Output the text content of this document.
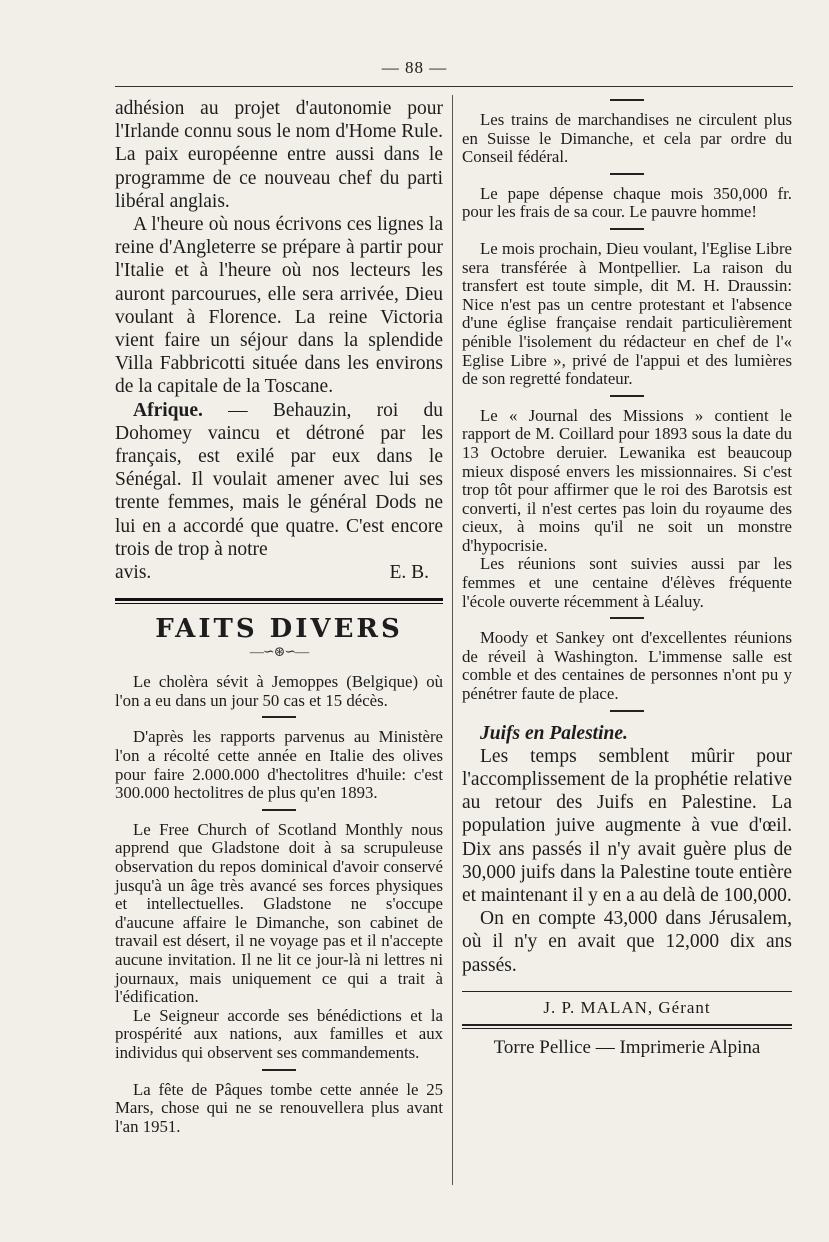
— 88 —

adhésion au projet d'autonomie pour l'Irlande connu sous le nom d'Home Rule. La paix européenne entre aussi dans le programme de ce nouveau chef du parti libéral anglais.

A l'heure où nous écrivons ces lignes la reine d'Angleterre se prépare à partir pour l'Italie et à l'heure où nos lecteurs les auront parcourues, elle sera arrivée, Dieu voulant à Florence. La reine Victoria vient faire un séjour dans la splendide Villa Fabbricotti située dans les environs de la capitale de la Toscane.

Afrique. — Behauzin, roi du Dohomey vaincu et détroné par les français, est exilé par eux dans le Sénégal. Il voulait amener avec lui ses trente femmes, mais le général Dods ne lui en a accordé que quatre. C'est encore trois de trop à notre

avis.	E. B.
FAITS DIVERS
—∽⊛∽—

Le cholèra sévit à Jemoppes (Belgique) où l'on a eu dans un jour 50 cas et 15 décès.

D'après les rapports parvenus au Ministère l'on a récolté cette année en Italie des olives pour faire 2.000.000 d'hectolitres d'huile: c'est 300.000 hectolitres de plus qu'en 1893.

Le Free Church of Scotland Monthly nous apprend que Gladstone doit à sa scrupuleuse observation du repos dominical d'avoir conservé jusqu'à un âge très avancé ses forces physiques et intellectuelles. Gladstone ne s'occupe d'aucune affaire le Dimanche, son cabinet de travail est désert, il ne voyage pas et il n'accepte aucune invitation. Il ne lit ce jour-là ni lettres ni journaux, mais uniquement ce qui a trait à l'édification.

Le Seigneur accorde ses bénédictions et la prospérité aux nations, aux familles et aux individus qui observent ses commandements.

La fête de Pâques tombe cette année le 25 Mars, chose qui ne se renouvellera plus avant l'an 1951.

Les trains de marchandises ne circulent plus en Suisse le Dimanche, et cela par ordre du Conseil fédéral.

Le pape dépense chaque mois 350,000 fr. pour les frais de sa cour. Le pauvre homme!

Le mois prochain, Dieu voulant, l'Eglise Libre sera transférée à Montpellier. La raison du transfert est toute simple, dit M. H. Draussin: Nice n'est pas un centre protestant et l'absence d'une église française rendait particulièrement pénible l'isolement du rédacteur en chef de l'« Eglise Libre », privé de l'appui et des lumières de son regretté fondateur.

Le « Journal des Missions » contient le rapport de M. Coillard pour 1893 sous la date du 13 Octobre deruier. Lewanika est beaucoup mieux disposé envers les missionnaires. Si c'est trop tôt pour affirmer que le roi des Barotsis est converti, il n'est certes pas loin du royaume des cieux, à moins qu'il ne soit un monstre d'hypocrisie.

Les réunions sont suivies aussi par les femmes et une centaine d'élèves fréquente l'école ouverte récemment à Léaluy.

Moody et Sankey ont d'excellentes réunions de réveil à Washington. L'immense salle est comble et des centaines de personnes n'ont pu y pénétrer faute de place.

Juifs en Palestine.

Les temps semblent mûrir pour l'accomplissement de la prophétie relative au retour des Juifs en Palestine. La population juive augmente à vue d'œil. Dix ans passés il n'y avait guère plus de 30,000 juifs dans la Palestine toute entière et maintenant il y en a au delà de 100,000.

On en compte 43,000 dans Jérusalem, où il n'y en avait que 12,000 dix ans passés.

J. P. MALAN, Gérant
Torre Pellice — Imprimerie Alpina
